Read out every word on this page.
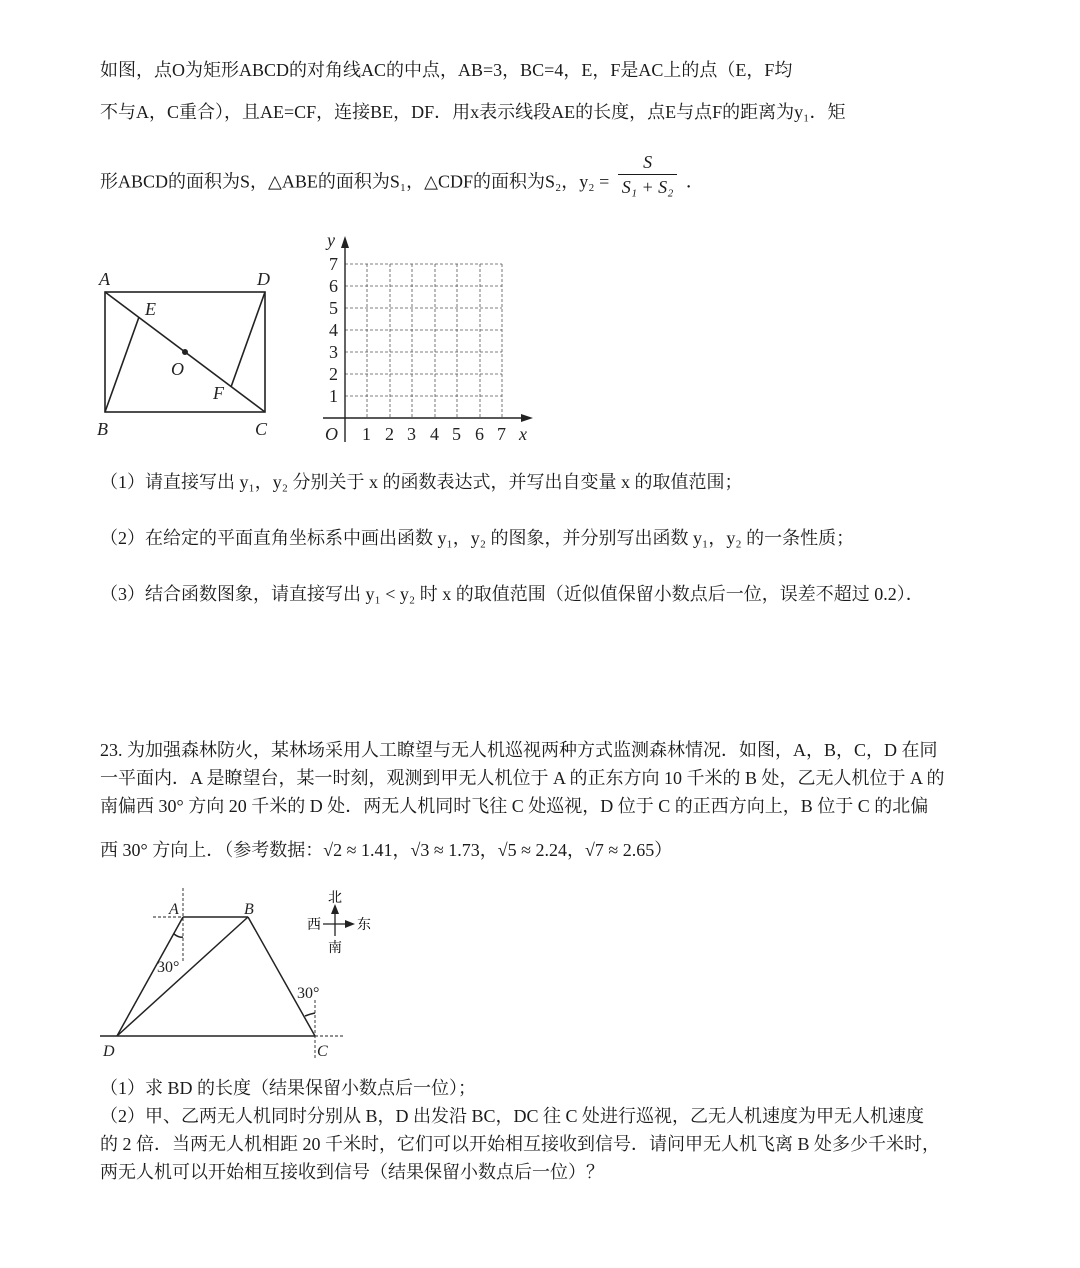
如图，点O为矩形ABCD的对角线AC的中点，AB=3，BC=4，E，F是AC上的点（E，F均
不与A，C重合），且AE=CF，连接BE，DF．用x表示线段AE的长度，点E与点F的距离为y₁．矩
形ABCD的面积为S，△ABE的面积为S₁，△CDF的面积为S₂，$y_2 = \frac{S}{\text{S₁ + S₂}}$ ．
A	D
E
O
F
B	C
y
x
O
1
2
3
4
5
6
7
1 2 3 4 5 6 7
（1）请直接写出 y₁，y₂ 分别关于 x 的函数表达式，并写出自变量 x 的取值范围；
（2）在给定的平面直角坐标系中画出函数 y₁，y₂ 的图象，并分别写出函数 y₁，y₂ 的一条性质；
（3）结合函数图象，请直接写出 y₁ < y₂ 时 x 的取值范围（近似值保留小数点后一位，误差不超过 0.2）．
23. 为加强森林防火，某林场采用人工瞭望与无人机巡视两种方式监测森林情况．如图，A，B，C，D 在同
一平面内．A 是瞭望台，某一时刻，观测到甲无人机位于 A 的正东方向 10 千米的 B 处，乙无人机位于 A 的
南偏西 30° 方向 20 千米的 D 处．两无人机同时飞往 C 处巡视，D 位于 C 的正西方向上，B 位于 C 的北偏
西 30° 方向上．（参考数据：√2 ≈ 1.41，√3 ≈ 1.73，√5 ≈ 2.24，√7 ≈ 2.65）
A	B
C
D
30°
30°
北
南
东
西
（1）求 BD 的长度（结果保留小数点后一位）；
（2）甲、乙两无人机同时分别从 B，D 出发沿 BC，DC 往 C 处进行巡视，乙无人机速度为甲无人机速度
的 2 倍．当两无人机相距 20 千米时，它们可以开始相互接收到信号．请问甲无人机飞离 B 处多少千米时，
两无人机可以开始相互接收到信号（结果保留小数点后一位）？
